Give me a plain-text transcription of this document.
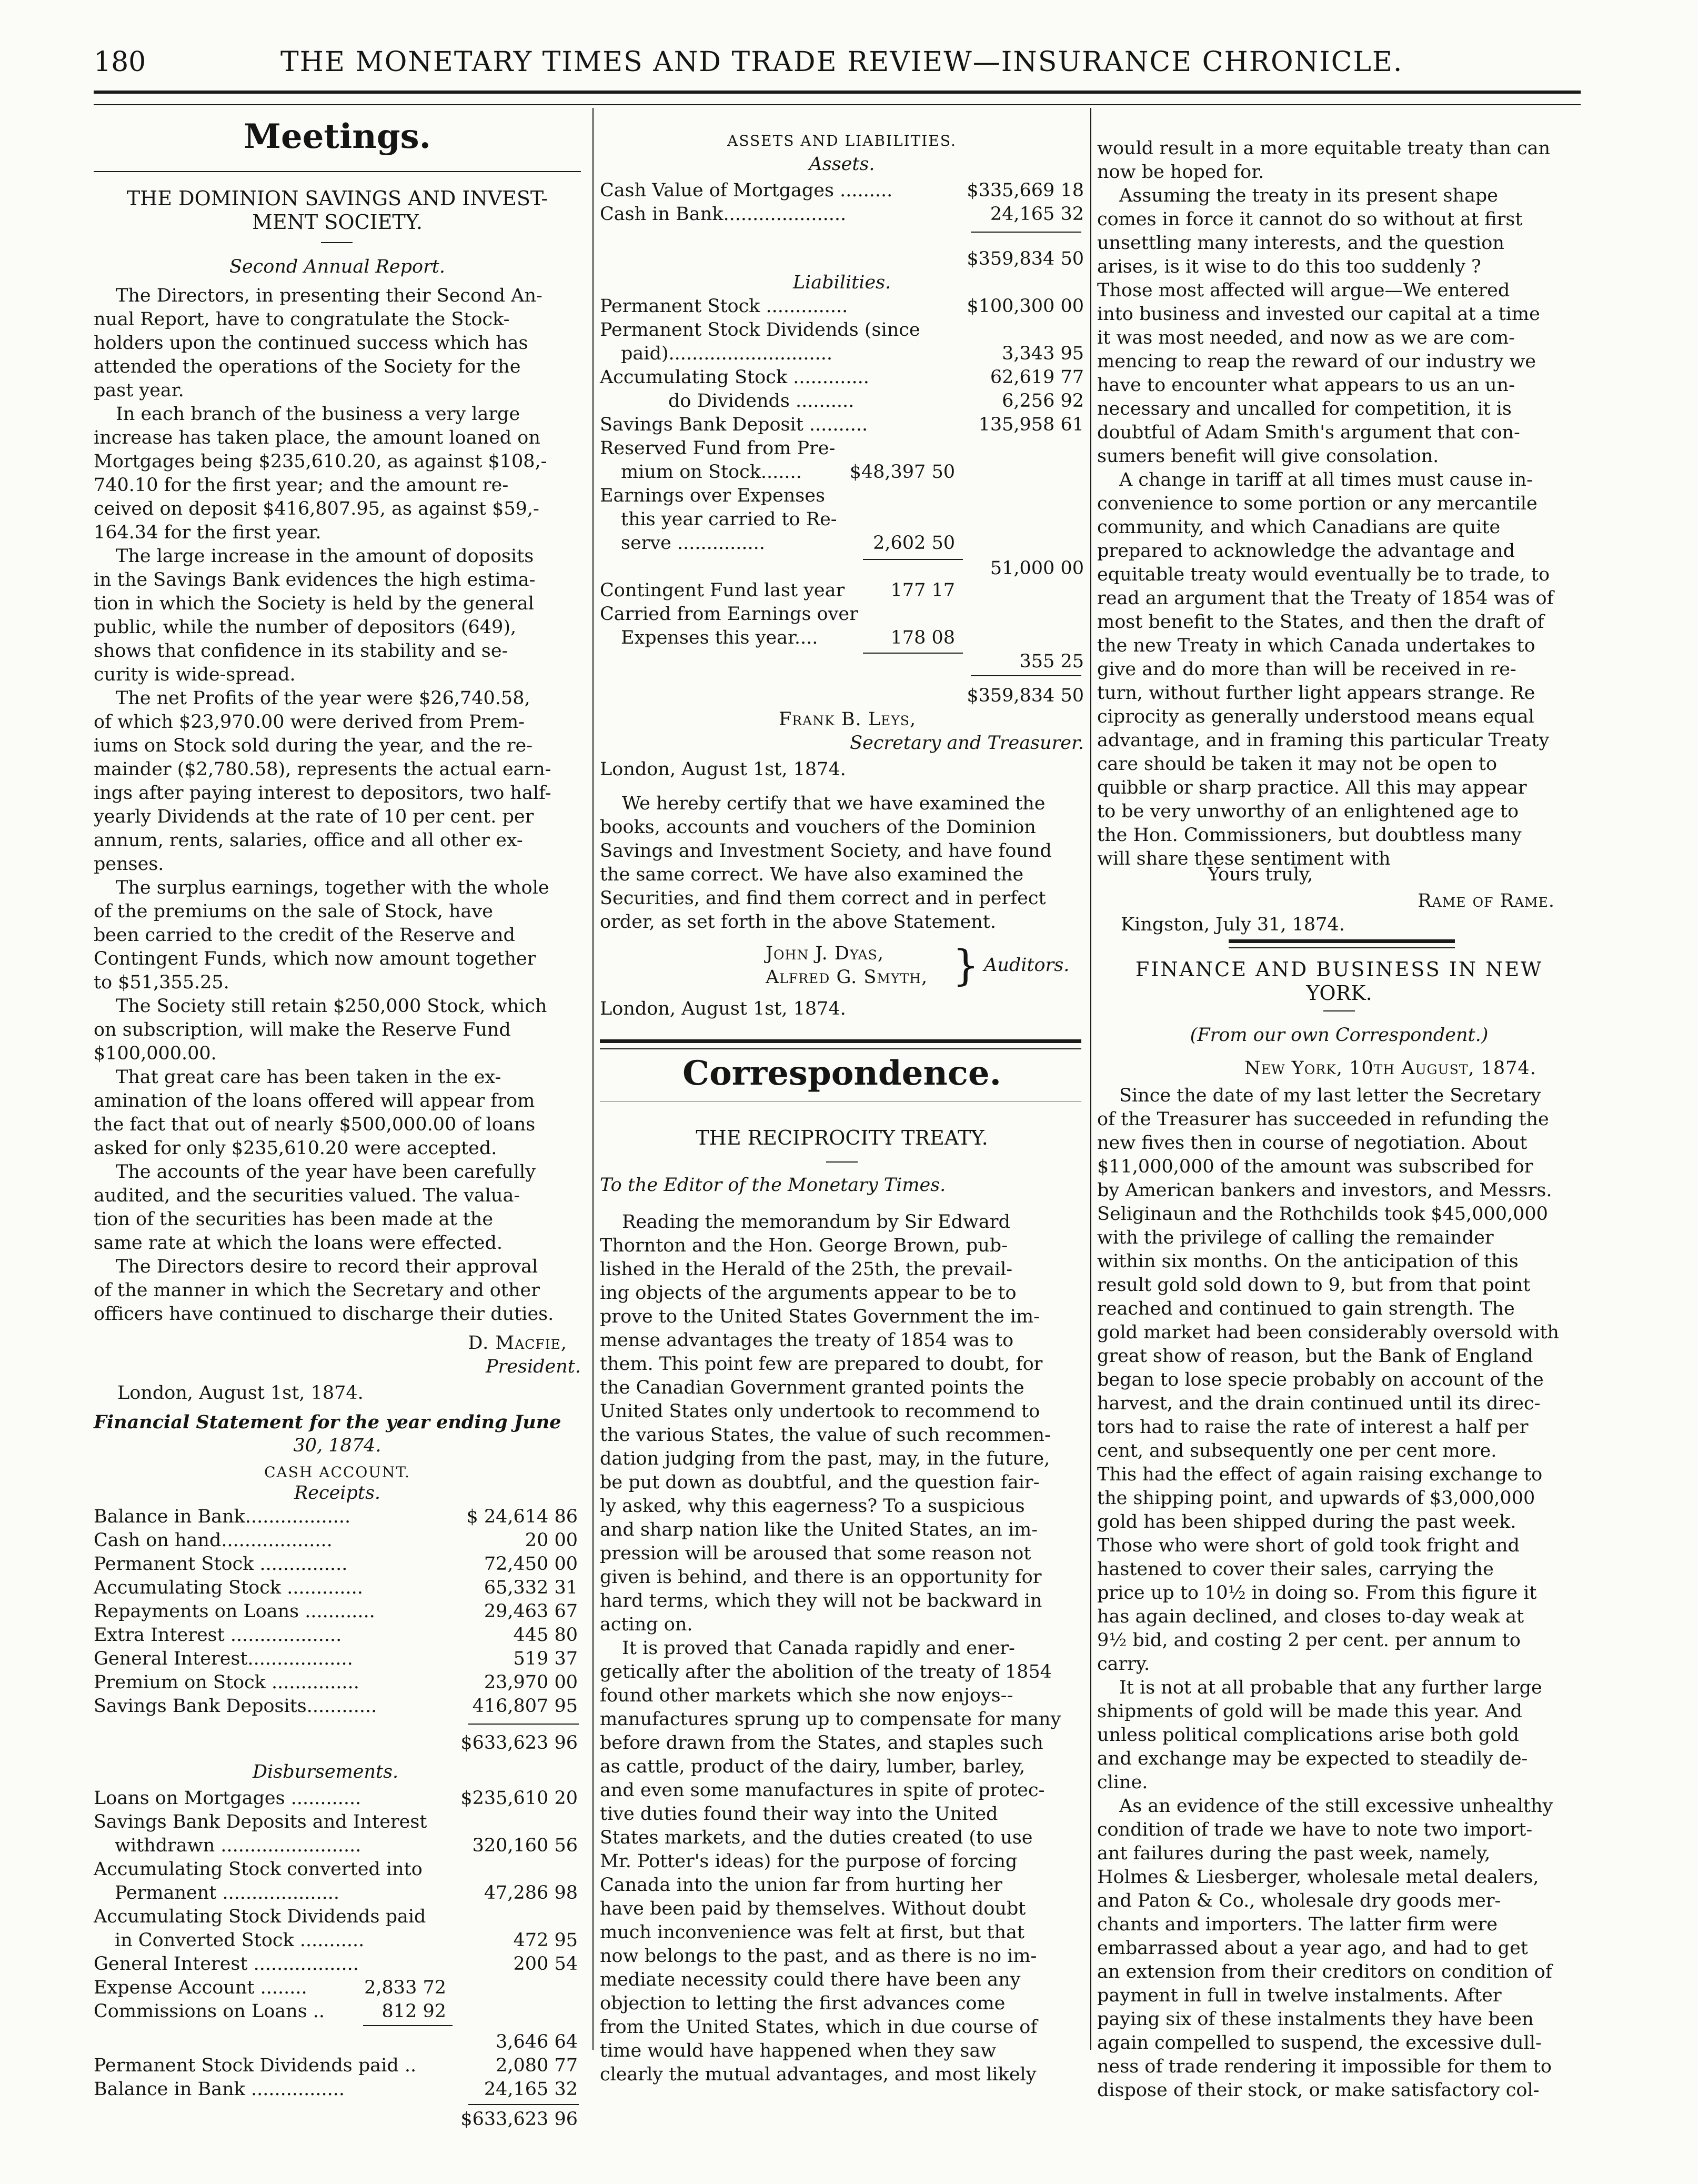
180	THE MONETARY TIMES AND TRADE REVIEW—INSURANCE CHRONICLE.
Meetings.
THE DOMINION SAVINGS AND INVEST-
MENT SOCIETY.
Second Annual Report.
The Directors, in presenting their Second An-
nual Report, have to congratulate the Stock-
holders upon the continued success which has
attended the operations of the Society for the
past year.
In each branch of the business a very large
increase has taken place, the amount loaned on
Mortgages being $235,610.20, as against $108,-
740.10 for the first year; and the amount re-
ceived on deposit $416,807.95, as against $59,-
164.34 for the first year.
The large increase in the amount of doposits
in the Savings Bank evidences the high estima-
tion in which the Society is held by the general
public, while the number of depositors (649),
shows that confidence in its stability and se-
curity is wide-spread.
The net Profits of the year were $26,740.58,
of which $23,970.00 were derived from Prem-
iums on Stock sold during the year, and the re-
mainder ($2,780.58), represents the actual earn-
ings after paying interest to depositors, two half-
yearly Dividends at the rate of 10 per cent. per
annum, rents, salaries, office and all other ex-
penses.
The surplus earnings, together with the whole
of the premiums on the sale of Stock, have
been carried to the credit of the Reserve and
Contingent Funds, which now amount together
to $51,355.25.
The Society still retain $250,000 Stock, which
on subscription, will make the Reserve Fund
$100,000.00.
That great care has been taken in the ex-
amination of the loans offered will appear from
the fact that out of nearly $500,000.00 of loans
asked for only $235,610.20 were accepted.
The accounts of the year have been carefully
audited, and the securities valued. The valua-
tion of the securities has been made at the
same rate at which the loans were effected.
The Directors desire to record their approval
of the manner in which the Secretary and other
officers have continued to discharge their duties.
D. Macfie,
President.
London, August 1st, 1874.
Financial Statement for the year ending June
30, 1874.
CASH ACCOUNT.
Receipts.
Balance in Bank..................	$ 24,614 86
Cash on hand...................	20 00
Permanent Stock ...............	72,450 00
Accumulating Stock .............	65,332 31
Repayments on Loans ............	29,463 67
Extra Interest ...................	445 80
General Interest..................	519 37
Premium on Stock ...............	23,970 00
Savings Bank Deposits............	416,807 95
$633,623 96
Disbursements.
Loans on Mortgages ............	$235,610 20
Savings Bank Deposits and Interest
withdrawn ........................	320,160 56
Accumulating Stock converted into
Permanent ....................	47,286 98
Accumulating Stock Dividends paid
in Converted Stock ...........	472 95
General Interest ..................	200 54
Expense Account ........	2,833 72
Commissions on Loans ..	812 92
3,646 64
Permanent Stock Dividends paid ..	2,080 77
Balance in Bank ................	24,165 32
$633,623 96
ASSETS AND LIABILITIES.
Assets.
Cash Value of Mortgages .........	$335,669 18
Cash in Bank.....................	24,165 32
$359,834 50
Liabilities.
Permanent Stock ..............	$100,300 00
Permanent Stock Dividends (since
paid)............................	3,343 95
Accumulating Stock .............	62,619 77
do Dividends ..........	6,256 92
Savings Bank Deposit ..........	135,958 61
Reserved Fund from Pre-
mium on Stock.......	$48,397 50
Earnings over Expenses
this year carried to Re-
serve ...............	2,602 50
51,000 00
Contingent Fund last year 177 17
Carried from Earnings over
Expenses this year....	178 08
355 25
$359,834 50
Frank B. Leys,
Secretary and Treasurer.
London, August 1st, 1874.
We hereby certify that we have examined the
books, accounts and vouchers of the Dominion
Savings and Investment Society, and have found
the same correct. We have also examined the
Securities, and find them correct and in perfect
order, as set forth in the above Statement.
John J. Dyas,
Alfred G. Smyth, } Auditors.
London, August 1st, 1874.
Correspondence.
THE RECIPROCITY TREATY.
To the Editor of the Monetary Times.
Reading the memorandum by Sir Edward
Thornton and the Hon. George Brown, pub-
lished in the Herald of the 25th, the prevail-
ing objects of the arguments appear to be to
prove to the United States Government the im-
mense advantages the treaty of 1854 was to
them. This point few are prepared to doubt, for
the Canadian Government granted points the
United States only undertook to recommend to
the various States, the value of such recommen-
dation judging from the past, may, in the future,
be put down as doubtful, and the question fair-
ly asked, why this eagerness? To a suspicious
and sharp nation like the United States, an im-
pression will be aroused that some reason not
given is behind, and there is an opportunity for
hard terms, which they will not be backward in
acting on.
It is proved that Canada rapidly and ener-
getically after the abolition of the treaty of 1854
found other markets which she now enjoys--
manufactures sprung up to compensate for many
before drawn from the States, and staples such
as cattle, product of the dairy, lumber, barley,
and even some manufactures in spite of protec-
tive duties found their way into the United
States markets, and the duties created (to use
Mr. Potter's ideas) for the purpose of forcing
Canada into the union far from hurting her
have been paid by themselves. Without doubt
much inconvenience was felt at first, but that
now belongs to the past, and as there is no im-
mediate necessity could there have been any
objection to letting the first advances come
from the United States, which in due course of
time would have happened when they saw
clearly the mutual advantages, and most likely
would result in a more equitable treaty than can
now be hoped for.
Assuming the treaty in its present shape
comes in force it cannot do so without at first
unsettling many interests, and the question
arises, is it wise to do this too suddenly ?
Those most affected will argue—We entered
into business and invested our capital at a time
it was most needed, and now as we are com-
mencing to reap the reward of our industry we
have to encounter what appears to us an un-
necessary and uncalled for competition, it is
doubtful of Adam Smith's argument that con-
sumers benefit will give consolation.
A change in tariff at all times must cause in-
convenience to some portion or any mercantile
community, and which Canadians are quite
prepared to acknowledge the advantage and
equitable treaty would eventually be to trade, to
read an argument that the Treaty of 1854 was of
most benefit to the States, and then the draft of
the new Treaty in which Canada undertakes to
give and do more than will be received in re-
turn, without further light appears strange. Re
ciprocity as generally understood means equal
advantage, and in framing this particular Treaty
care should be taken it may not be open to
quibble or sharp practice. All this may appear
to be very unworthy of an enlightened age to
the Hon. Commissioners, but doubtless many
will share these sentiment with
Yours truly,
Rame of Rame.
Kingston, July 31, 1874.
FINANCE AND BUSINESS IN NEW
YORK.
(From our own Correspondent.)
New York, 10th August, 1874.
Since the date of my last letter the Secretary
of the Treasurer has succeeded in refunding the
new fives then in course of negotiation. About
$11,000,000 of the amount was subscribed for
by American bankers and investors, and Messrs.
Seliginaun and the Rothchilds took $45,000,000
with the privilege of calling the remainder
within six months. On the anticipation of this
result gold sold down to 9, but from that point
reached and continued to gain strength. The
gold market had been considerably oversold with
great show of reason, but the Bank of England
began to lose specie probably on account of the
harvest, and the drain continued until its direc-
tors had to raise the rate of interest a half per
cent, and subsequently one per cent more.
This had the effect of again raising exchange to
the shipping point, and upwards of $3,000,000
gold has been shipped during the past week.
Those who were short of gold took fright and
hastened to cover their sales, carrying the
price up to 10½ in doing so. From this figure it
has again declined, and closes to-day weak at
9½ bid, and costing 2 per cent. per annum to
carry.
It is not at all probable that any further large
shipments of gold will be made this year. And
unless political complications arise both gold
and exchange may be expected to steadily de-
cline.
As an evidence of the still excessive unhealthy
condition of trade we have to note two import-
ant failures during the past week, namely,
Holmes & Liesberger, wholesale metal dealers,
and Paton & Co., wholesale dry goods mer-
chants and importers. The latter firm were
embarrassed about a year ago, and had to get
an extension from their creditors on condition of
payment in full in twelve instalments. After
paying six of these instalments they have been
again compelled to suspend, the excessive dull-
ness of trade rendering it impossible for them to
dispose of their stock, or make satisfactory col-
